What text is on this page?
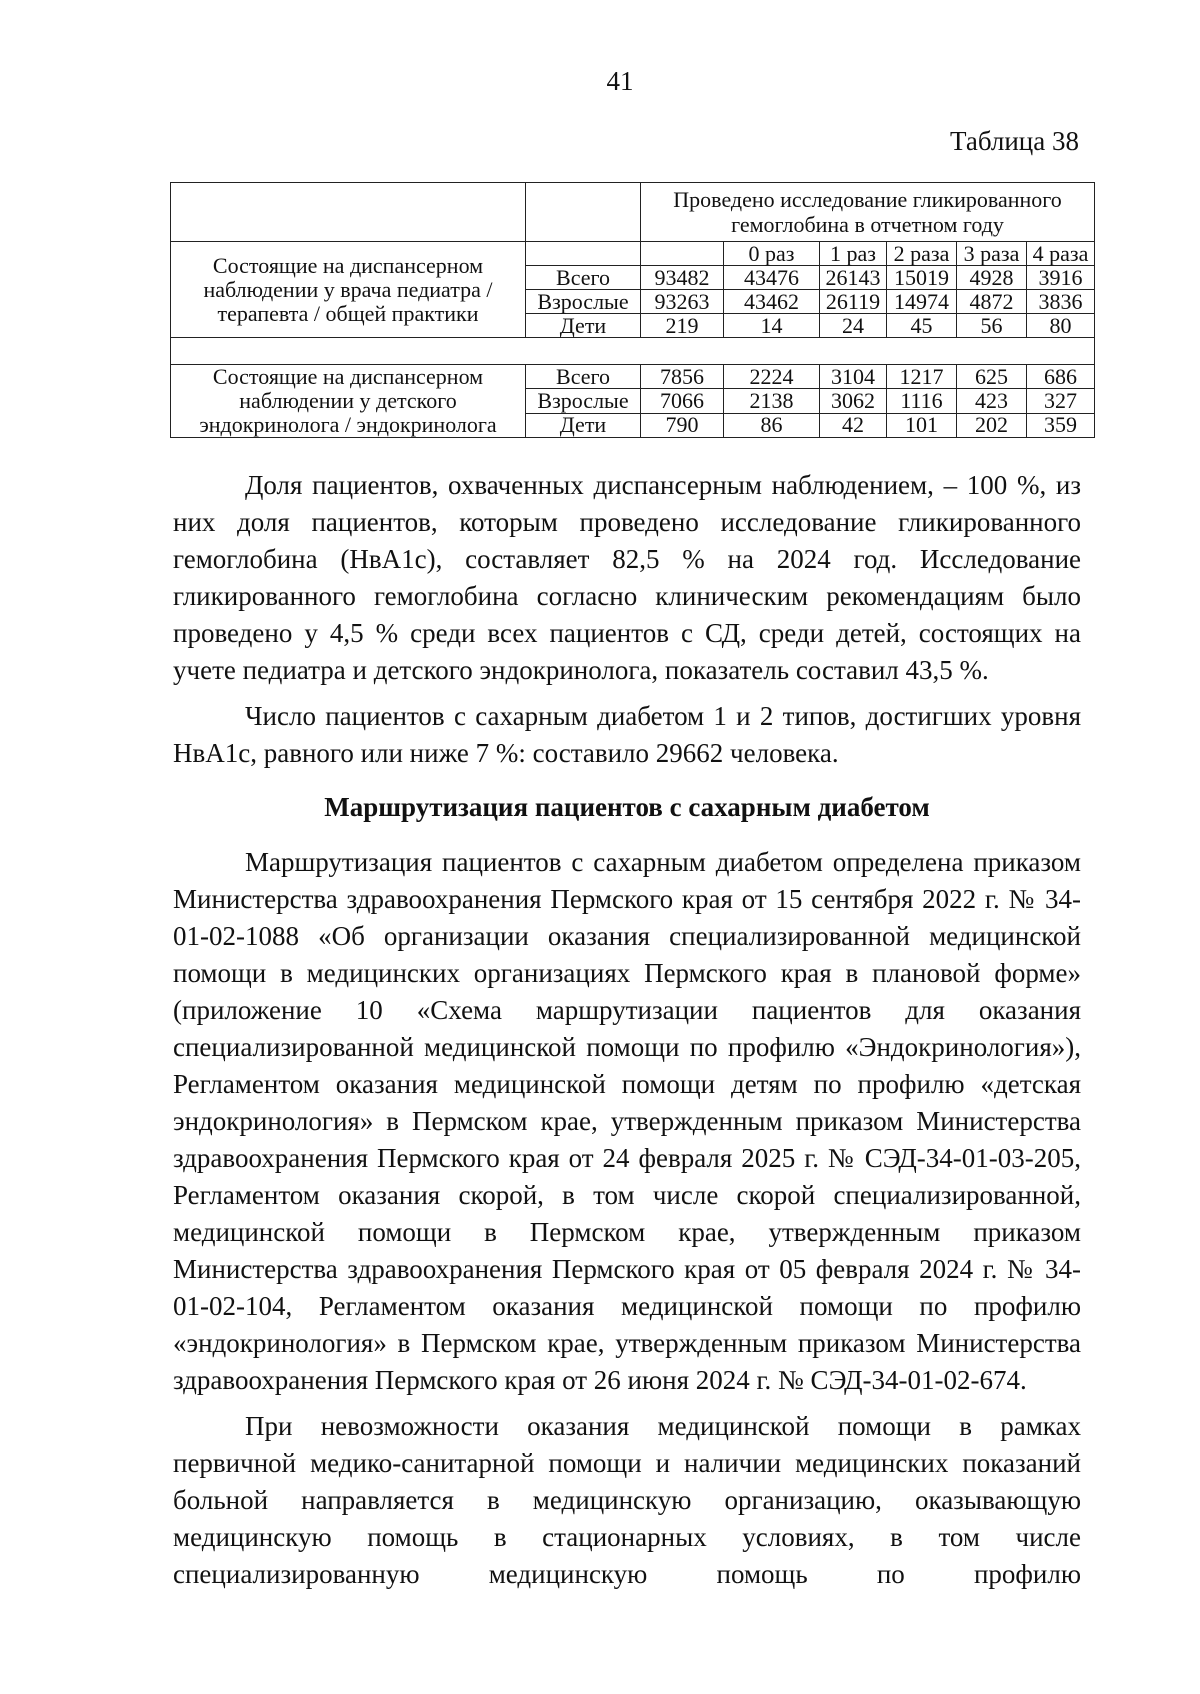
41
Таблица 38
		Проведено исследование гликированного гемоглобина в отчетном году					
Состоящие на диспансерном наблюдении у врача педиатра / терапевта / общей практики			0 раз	1 раз	2 раза	3 раза	4 раза
	Всего	93482	43476	26143	15019	4928	3916
	Взрослые	93263	43462	26119	14974	4872	3836
	Дети	219	14	24	45	56	80

Состоящие на диспансерном наблюдении у детского эндокринолога / эндокринолога	Всего	7856	2224	3104	1217	625	686
	Взрослые	7066	2138	3062	1116	423	327
	Дети	790	86	42	101	202	359

Доля пациентов, охваченных диспансерным наблюдением, – 100 %, из них доля пациентов, которым проведено исследование гликированного гемоглобина (НвА1с), составляет 82,5 % на 2024 год. Исследование гликированного гемоглобина согласно клиническим рекомендациям было проведено у 4,5 % среди всех пациентов с СД, среди детей, состоящих на учете педиатра и детского эндокринолога, показатель составил 43,5 %.

Число пациентов с сахарным диабетом 1 и 2 типов, достигших уровня НвА1с, равного или ниже 7 %: составило 29662 человека.

Маршрутизация пациентов с сахарным диабетом

Маршрутизация пациентов с сахарным диабетом определена приказом Министерства здравоохранения Пермского края от 15 сентября 2022 г. № 34-01-02-1088 «Об организации оказания специализированной медицинской помощи в медицинских организациях Пермского края в плановой форме» (приложение 10 «Схема маршрутизации пациентов для оказания специализированной медицинской помощи по профилю «Эндокринология»), Регламентом оказания медицинской помощи детям по профилю «детская эндокринология» в Пермском крае, утвержденным приказом Министерства здравоохранения Пермского края от 24 февраля 2025 г. № СЭД-34-01-03-205, Регламентом оказания скорой, в том числе скорой специализированной, медицинской помощи в Пермском крае, утвержденным приказом Министерства здравоохранения Пермского края от 05 февраля 2024 г. № 34-01-02-104, Регламентом оказания медицинской помощи по профилю «эндокринология» в Пермском крае, утвержденным приказом Министерства здравоохранения Пермского края от 26 июня 2024 г. № СЭД-34-01-02-674.

При невозможности оказания медицинской помощи в рамках первичной медико-санитарной помощи и наличии медицинских показаний больной направляется в медицинскую организацию, оказывающую медицинскую помощь в стационарных условиях, в том числе специализированную медицинскую помощь по профилю
